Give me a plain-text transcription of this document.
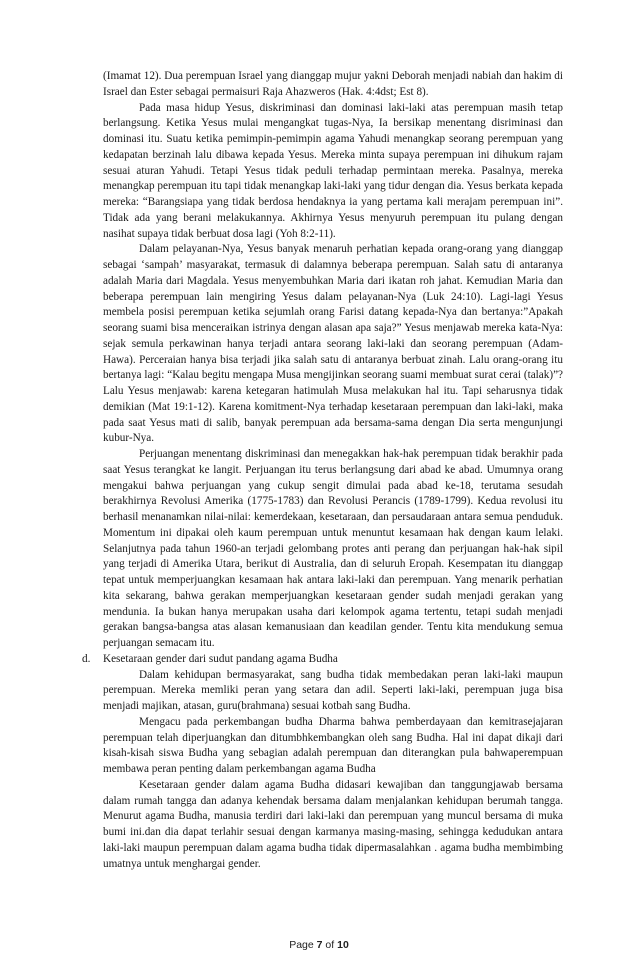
(Imamat 12). Dua perempuan Israel yang dianggap mujur yakni Deborah menjadi nabiah dan hakim di Israel dan Ester sebagai permaisuri Raja Ahazweros (Hak. 4:4dst; Est 8).

Pada masa hidup Yesus, diskriminasi dan dominasi laki-laki atas perempuan masih tetap berlangsung. Ketika Yesus mulai mengangkat tugas-Nya, Ia bersikap menentang disriminasi dan dominasi itu. Suatu ketika pemimpin-pemimpin agama Yahudi menangkap seorang perempuan yang kedapatan berzinah lalu dibawa kepada Yesus. Mereka minta supaya perempuan ini dihukum rajam sesuai aturan Yahudi. Tetapi Yesus tidak peduli terhadap permintaan mereka. Pasalnya, mereka menangkap perempuan itu tapi tidak menangkap laki-laki yang tidur dengan dia. Yesus berkata kepada mereka: “Barangsiapa yang tidak berdosa hendaknya ia yang pertama kali merajam perempuan ini”. Tidak ada yang berani melakukannya. Akhirnya Yesus menyuruh perempuan itu pulang dengan nasihat supaya tidak berbuat dosa lagi (Yoh 8:2-11).

Dalam pelayanan-Nya, Yesus banyak menaruh perhatian kepada orang-orang yang dianggap sebagai ‘sampah’ masyarakat, termasuk di dalamnya beberapa perempuan. Salah satu di antaranya adalah Maria dari Magdala. Yesus menyembuhkan Maria dari ikatan roh jahat. Kemudian Maria dan beberapa perempuan lain mengiring Yesus dalam pelayanan-Nya (Luk 24:10). Lagi-lagi Yesus membela posisi perempuan ketika sejumlah orang Farisi datang kepada-Nya dan bertanya:”Apakah seorang suami bisa menceraikan istrinya dengan alasan apa saja?” Yesus menjawab mereka kata-Nya: sejak semula perkawinan hanya terjadi antara seorang laki-laki dan seorang perempuan (Adam-Hawa). Perceraian hanya bisa terjadi jika salah satu di antaranya berbuat zinah. Lalu orang-orang itu bertanya lagi: “Kalau begitu mengapa Musa mengijinkan seorang suami membuat surat cerai (talak)”? Lalu Yesus menjawab: karena ketegaran hatimulah Musa melakukan hal itu. Tapi seharusnya tidak demikian (Mat 19:1-12). Karena komitment-Nya terhadap kesetaraan perempuan dan laki-laki, maka pada saat Yesus mati di salib, banyak perempuan ada bersama-sama dengan Dia serta mengunjungi kubur-Nya.

Perjuangan menentang diskriminasi dan menegakkan hak-hak perempuan tidak berakhir pada saat Yesus terangkat ke langit. Perjuangan itu terus berlangsung dari abad ke abad. Umumnya orang mengakui bahwa perjuangan yang cukup sengit dimulai pada abad ke-18, terutama sesudah berakhirnya Revolusi Amerika (1775-1783) dan Revolusi Perancis (1789-1799). Kedua revolusi itu berhasil menanamkan nilai-nilai: kemerdekaan, kesetaraan, dan persaudaraan antara semua penduduk. Momentum ini dipakai oleh kaum perempuan untuk menuntut kesamaan hak dengan kaum lelaki. Selanjutnya pada tahun 1960-an terjadi gelombang protes anti perang dan perjuangan hak-hak sipil yang terjadi di Amerika Utara, berikut di Australia, dan di seluruh Eropah. Kesempatan itu dianggap tepat untuk memperjuangkan kesamaan hak antara laki-laki dan perempuan. Yang menarik perhatian kita sekarang, bahwa gerakan memperjuangkan kesetaraan gender sudah menjadi gerakan yang mendunia. Ia bukan hanya merupakan usaha dari kelompok agama tertentu, tetapi sudah menjadi gerakan bangsa-bangsa atas alasan kemanusiaan dan keadilan gender. Tentu kita mendukung semua perjuangan semacam itu.

d. Kesetaraan gender dari sudut pandang agama Budha

Dalam kehidupan bermasyarakat, sang budha tidak membedakan peran laki-laki maupun perempuan. Mereka memliki peran yang setara dan adil. Seperti laki-laki, perempuan juga bisa menjadi majikan, atasan, guru(brahmana) sesuai kotbah sang Budha.

Mengacu pada perkembangan budha Dharma bahwa pemberdayaan dan kemitrasejajaran perempuan telah diperjuangkan dan ditumbhkembangkan oleh sang Budha. Hal ini dapat dikaji dari kisah-kisah siswa Budha yang sebagian adalah perempuan dan diterangkan pula bahwaperempuan membawa peran penting dalam perkembangan agama Budha

Kesetaraan gender dalam agama Budha didasari kewajiban dan tanggungjawab bersama dalam rumah tangga dan adanya kehendak bersama dalam menjalankan kehidupan berumah tangga. Menurut agama Budha, manusia terdiri dari laki-laki dan perempuan yang muncul bersama di muka bumi ini.dan dia dapat terlahir sesuai dengan karmanya masing-masing, sehingga kedudukan antara laki-laki maupun perempuan dalam agama budha tidak dipermasalahkan . agama budha membimbing umatnya untuk menghargai gender.

Page 7 of 10
